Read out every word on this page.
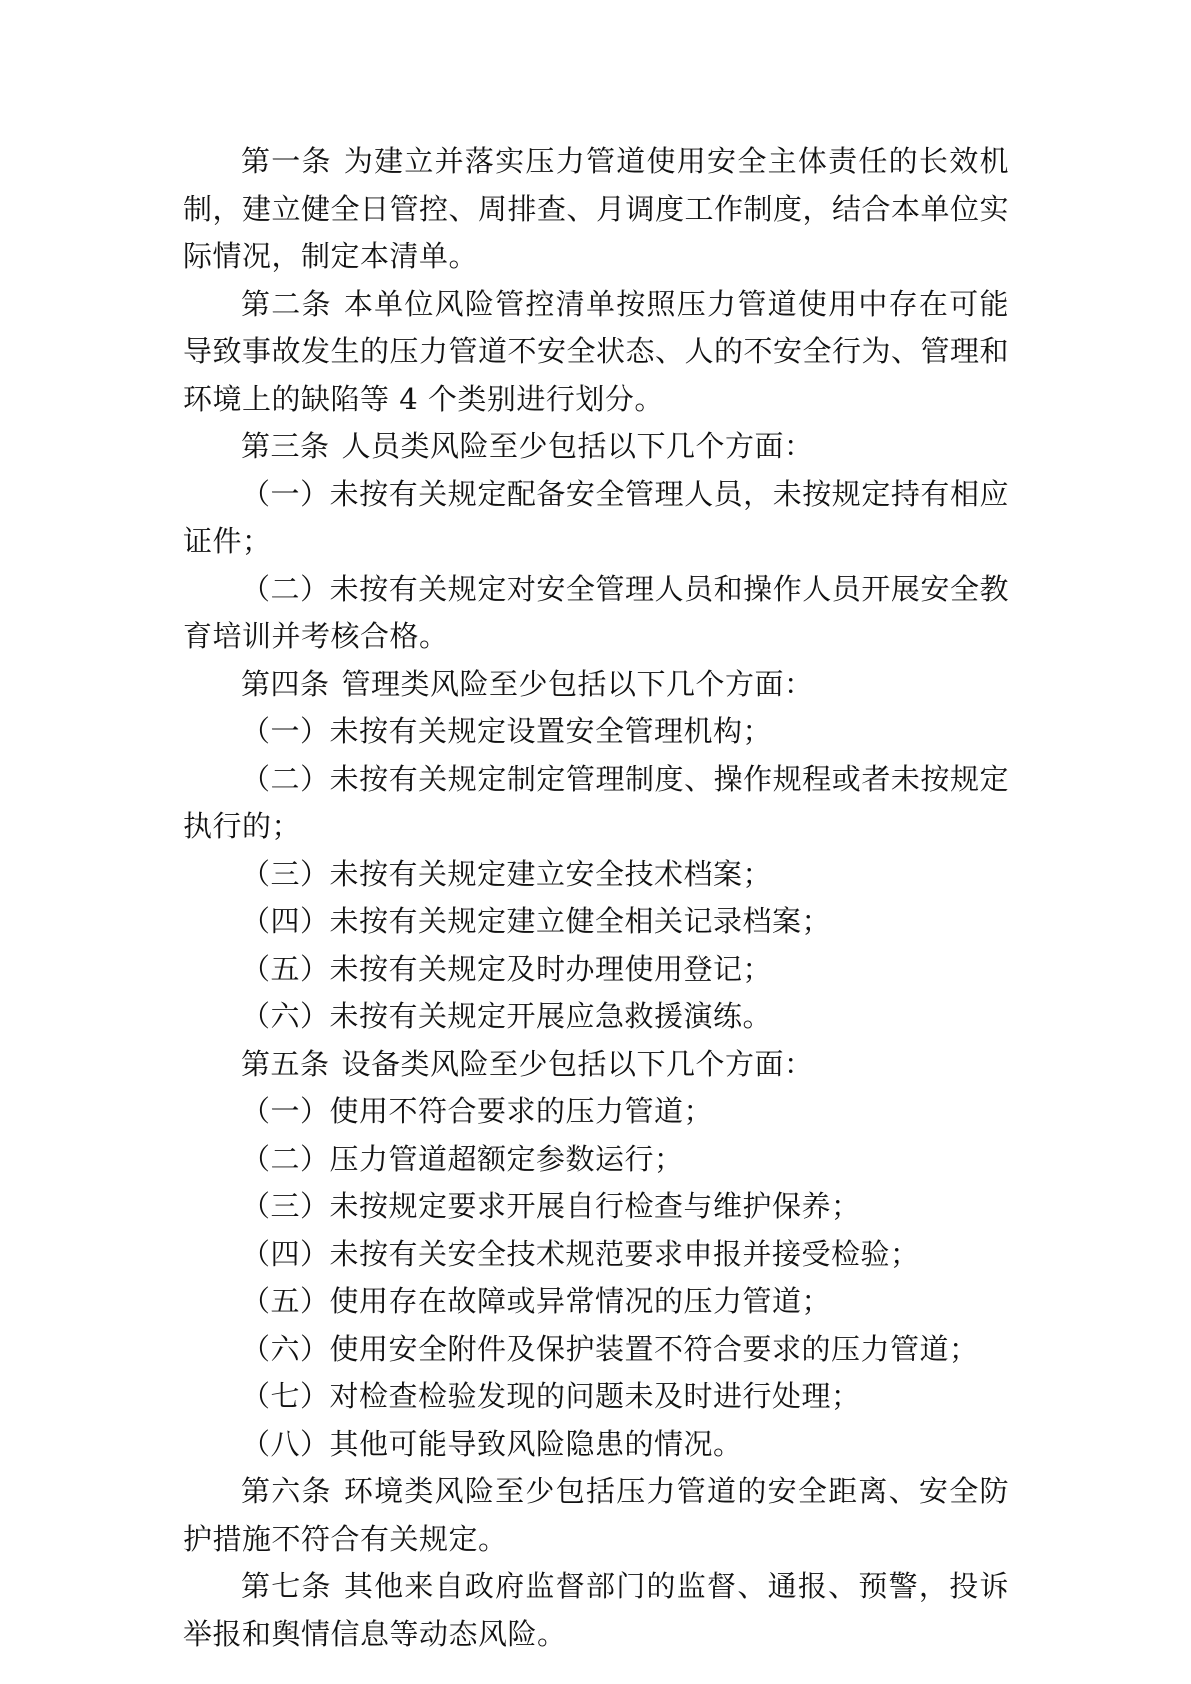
第一条 为建立并落实压力管道使用安全主体责任的长效机制，建立健全日管控、周排查、月调度工作制度，结合本单位实际情况，制定本清单。

第二条 本单位风险管控清单按照压力管道使用中存在可能导致事故发生的压力管道不安全状态、人的不安全行为、管理和环境上的缺陷等 4 个类别进行划分。

第三条 人员类风险至少包括以下几个方面：

（一）未按有关规定配备安全管理人员，未按规定持有相应证件；

（二）未按有关规定对安全管理人员和操作人员开展安全教育培训并考核合格。

第四条 管理类风险至少包括以下几个方面：

（一）未按有关规定设置安全管理机构；

（二）未按有关规定制定管理制度、操作规程或者未按规定执行的；

（三）未按有关规定建立安全技术档案；

（四）未按有关规定建立健全相关记录档案；

（五）未按有关规定及时办理使用登记；

（六）未按有关规定开展应急救援演练。

第五条 设备类风险至少包括以下几个方面：

（一）使用不符合要求的压力管道；

（二）压力管道超额定参数运行；

（三）未按规定要求开展自行检查与维护保养；

（四）未按有关安全技术规范要求申报并接受检验；

（五）使用存在故障或异常情况的压力管道；

（六）使用安全附件及保护装置不符合要求的压力管道；

（七）对检查检验发现的问题未及时进行处理；

（八）其他可能导致风险隐患的情况。

第六条 环境类风险至少包括压力管道的安全距离、安全防护措施不符合有关规定。

第七条 其他来自政府监督部门的监督、通报、预警，投诉举报和舆情信息等动态风险。
